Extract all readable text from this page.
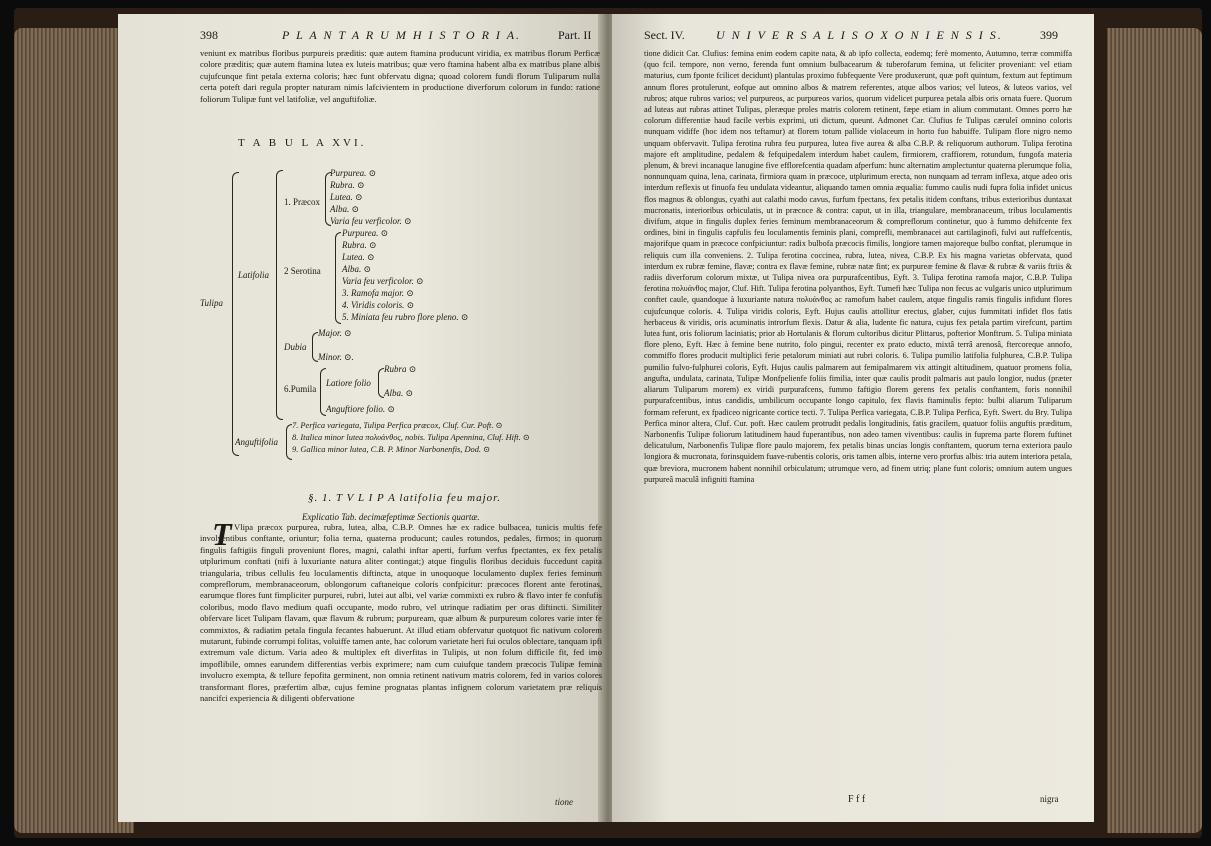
398	P L A N T A R U M H I S T O R I A.	Part. II

veniunt ex matribus floribus purpureis præditis: quæ autem ftamina producunt viridia, ex matribus florum Perficæ colore præditis; quæ autem ftamina lutea ex luteis matribus; quæ vero ftamina habent alba ex matribus plane albis cujufcunque fint petala externa coloris; hæc funt obfervatu digna; quoad colorem fundi florum Tuliparum nulla certa poteft dari regula propter naturam nimis lafcivientem in productione diverforum colorum in fundo: ratione foliorum Tulipæ funt vel latifoliæ, vel anguftifoliæ.

T A B U L A XVI.
Tulipa
Latifolia
1. Præcox
Purpurea. ⊙
Rubra. ⊙
Lutea. ⊙
Alba. ⊙
Varia feu verficolor. ⊙
2 Serotina
Purpurea. ⊙
Rubra. ⊙
Lutea. ⊙
Alba. ⊙
Varia feu verficolor. ⊙
3. Ramofa major. ⊙
4. Viridis coloris. ⊙
5. Miniata feu rubro flore pleno. ⊙
Dubia
Major. ⊙
Minor. ⊙.
6.Pumila
Latiore folio
Rubra ⊙
Alba. ⊙
Anguftiore folio. ⊙
Anguftifolia
7. Perfica variegata, Tulipa Perfica præcox, Cluf. Cur. Poft. ⊙
8. Italica minor lutea πολυάνθος, nobis. Tulipa Apennina, Cluf. Hift. ⊙
9. Gallica minor lutea, C.B. P. Minor Narbonenfis, Dod. ⊙
§. 1. T V L I P A latifolia feu major.
Explicatio Tab. decimæfeptimæ Sectionis quartæ.
T Vlipa præcox purpurea, rubra, lutea, alba, C.B.P. Omnes hæ ex radice bulbacea, tunicis multis fefe involventibus conftante, oriuntur; folia terna, quaterna producunt; caules rotundos, pedales, firmos; in quorum fingulis faftigiis finguli proveniunt flores, magni, calathi inftar aperti, furfum verfus fpectantes, ex fex petalis utplurimum conftati (nifi à luxuriante natura aliter contingat;) atque fingulis floribus deciduis fuccedunt capita triangularia, tribus cellulis feu loculamentis diftincta, atque in unoquoque loculamento duplex feries feminum compreflorum, membranaceorum, oblongorum caftaneique coloris confpicitur: præcoces florent ante ferotinas, earumque flores funt fimpliciter purpurei, rubri, lutei aut albi, vel variæ commixti ex rubro & flavo inter fe confufis coloribus, modo flavo medium quafi occupante, modo rubro, vel utrinque radiatim per oras diftincti. Similiter obfervare licet Tulipam flavam, quæ flavum & rubrum; purpuream, quæ album & purpureum colores varie inter fe commixtos, & radiatim petala fingula fecantes habuerunt. At illud etiam obfervatur quotquot fic nativum colorem mutarunt, fubinde corrumpi folitas, voluiffe tamen ante, hac colorum varietate heri fui oculos oblectare, tanquam ipfi extremum vale dictum. Varia adeo & multiplex eft diverfitas in Tulipis, ut non folum difficile fit, fed imo impoflibile, omnes earundem differentias verbis exprimere; nam cum cuiufque tandem præcocis Tulipæ femina involucro exempta, & tellure fepofita germinent, non omnia retinent nativum matris colorem, fed in varios colores transformant flores, præfertim albæ, cujus femine prognatas plantas infignem colorum varietatem præ reliquis nancifci experiencia & diligenti obfervatione

tione
Sect. IV.	U N I V E R S A L I S O X O N I E N S I S.	399

tione didicit Car. Clufius: femina enim eodem capite nata, & ab ipfo collecta, eodemq; ferè momento, Autumno, terræ commiffa (quo fcil. tempore, non verno, ferenda funt omnium bulbacearum & tuberofarum femina, ut feliciter proveniant: vel etiam maturius, cum fponte fcilicet decidunt) plantulas proximo fubfequente Vere produxerunt, quæ poft quintum, fextum aut feptimum annum flores protulerunt, eofque aut omnino albos & matrem referentes, atque albos varios; vel luteos, & luteos varios, vel rubros; atque rubros varios; vel purpureos, ac purpureos varios, quorum videlicet purpurea petala albis oris ornata fuere. Quorum ad luteas aut rubras attinet Tulipas, pleræque proles matris colorem retinent, fæpe etiam in alium commutant. Omnes porro hæ colorum differentiæ haud facile verbis exprimi, uti dictum, queunt. Admonet Car. Clufius fe Tulipas cæruleî omnino coloris nunquam vidiffe (hoc idem nos teftamur) at florem totum pallide violaceum in horto fuo habuiffe. Tulipam flore nigro nemo unquam obfervavit. Tulipa ferotina rubra feu purpurea, lutea five aurea & alba C.B.P. & reliquorum authorum. Tulipa ferotina majore eft amplitudine, pedalem & fefquipedalem interdum habet caulem, firmiorem, craffiorem, rotundum, fungofa materia plenum, & brevi incanaque lanugine five efflorefcentia quadam afperfum: hunc alternatim amplectuntur quaterna plerumque folia, nonnunquam quina, lena, carinata, firmiora quam in præcoce, utplurimum erecta, non nunquam ad terram inflexa, atque adeo oris interdum reflexis ut finuofa feu undulata videantur, aliquando tamen omnia æqualia: fummo caulis nudi fupra folia infidet unicus flos magnus & oblongus, cyathi aut calathi modo cavus, furfum fpectans, fex petalis itidem conftans, tribus exterioribus duntaxat mucronatis, interioribus orbiculatis, ut in præcoce & contra: caput, ut in illa, triangulare, membranaceum, tribus loculamentis divifum, atque in fingulis duplex feries feminum membranaceorum & compreflorum continetur, quo à fummo dehifcente fex ordines, bini in fingulis capfulis feu loculamentis feminis plani, comprefli, membranacei aut cartilaginofi, fulvi aut ruffefcentis, majorifque quam in præcoce confpiciuntur: radix bulbofa præcocis fimilis, longiore tamen majoreque bulbo conftat, plerumque in reliquis cum illa conveniens. 2. Tulipa ferotina coccinea, rubra, lutea, nivea, C.B.P. Ex his magna varietas obfervata, quod interdum ex rubræ femine, flavæ; contra ex flavæ femine, rubræ natæ fint; ex purpureæ femine & flavæ & rubræ & variis ftriis & radiis diverforum colorum mixtæ, ut Tulipa nivea ora purpurafcentibus, Eyft. 3. Tulipa ferotina ramofa major, C.B.P. Tulipa ferotina πολυάνθος major, Cluf. Hift. Tulipa ferotina polyanthos, Eyft. Tumefi hæc Tulipa non fecus ac vulgaris unico utplurimum conftet caule, quandoque à luxuriante natura πολυάνθος ac ramofum habet caulem, atque fingulis ramis fingulis infidunt flores cujufcunque coloris. 4. Tulipa viridis coloris, Eyft. Hujus caulis attollitur erectus, glaber, cujus fummitati infidet flos fatis herbaceus & viridis, oris acuminatis introrfum flexis. Datur & alia, ludente fic natura, cujus fex petala partim virefcunt, partim lutea funt, oris foliorum laciniatis; prior ab Hortulanis & florum cultoribus dicitur Plittarus, pofterior Monftrum. 5. Tulipa miniata flore pleno, Eyft. Hæc à femine bene nutrito, folo pingui, recenter ex prato educto, mixtâ terrâ arenosâ, ftercoreque annofo, commiffo flores producit multiplici ferie petalorum miniati aut rubri coloris. 6. Tulipa pumilio latifolia fulphurea, C.B.P. Tulipa pumilio fulvo-fulphurei coloris, Eyft. Hujus caulis palmarem aut femipalmarem vix attingit altitudinem, quatuor promens folia, angufta, undulata, carinata, Tulipæ Monfpelienfe foliis fimilia, inter quæ caulis prodit palmaris aut paulo longior, nudus (præter aliarum Tuliparum morem) ex viridi purpurafcens, fummo faftigio florem gerens fex petalis conftantem, foris nonnihil purpurafcentibus, intus candidis, umbilicum occupante longo capitulo, fex flavis ftaminulis fepto: bulbi aliarum Tuliparum formam referunt, ex fpadiceo nigricante cortice tecti. 7. Tulipa Perfica variegata, C.B.P. Tulipa Perfica, Eyft. Swert. du Bry. Tulipa Perfica minor altera, Cluf. Cur. poft. Hæc caulem protrudit pedalis longitudinis, fatis gracilem, quatuor foliis anguftis præditum, Narbonenfis Tulipæ foliorum latitudinem haud fuperantibus, non adeo tamen viventibus: caulis in fuprema parte florem fuftinet delicatulum, Narbonenfis Tulipæ flore paulo majorem, fex petalis binas uncias longis conftantem, quorum terna exteriora paulo longiora & mucronata, forinsquidem fuave-rubentis coloris, oris tamen albis, interne vero prorfus albis: tria autem interiora petala, quæ breviora, mucronem habent nonnihil orbiculatum; utrumque vero, ad finem utriq; plane funt coloris; omnium autem ungues purpureâ maculâ infigniti ftamina

F f f	nigra
